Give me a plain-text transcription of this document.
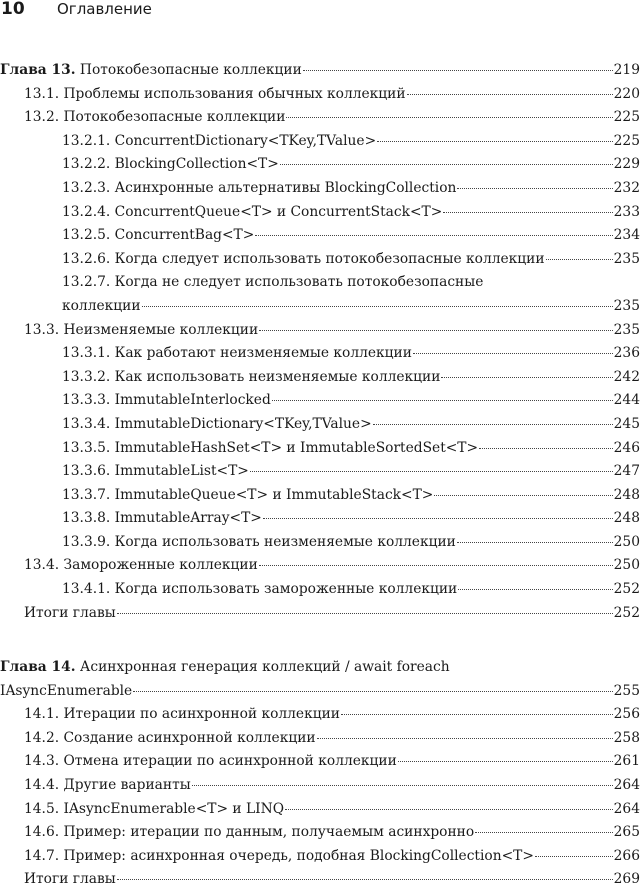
10	Оглавление
Глава 13. Потокобезопасные коллекции	219
13.1. Проблемы использования обычных коллекций	220
13.2. Потокобезопасные коллекции	225
13.2.1. ConcurrentDictionary<TKey,TValue>	225
13.2.2. BlockingCollection<T>	229
13.2.3. Асинхронные альтернативы BlockingCollection	232
13.2.4. ConcurrentQueue<T> и ConcurrentStack<T>	233
13.2.5. ConcurrentBag<T>	234
13.2.6. Когда следует использовать потокобезопасные коллекции	235
13.2.7. Когда не следует использовать потокобезопасные
коллекции	235
13.3. Неизменяемые коллекции	235
13.3.1. Как работают неизменяемые коллекции	236
13.3.2. Как использовать неизменяемые коллекции	242
13.3.3. ImmutableInterlocked	244
13.3.4. ImmutableDictionary<TKey,TValue>	245
13.3.5. ImmutableHashSet<T> и ImmutableSortedSet<T>	246
13.3.6. ImmutableList<T>	247
13.3.7. ImmutableQueue<T> и ImmutableStack<T>	248
13.3.8. ImmutableArray<T>	248
13.3.9. Когда использовать неизменяемые коллекции	250
13.4. Замороженные коллекции	250
13.4.1. Когда использовать замороженные коллекции	252
Итоги главы	252
Глава 14. Асинхронная генерация коллекций / await foreach
IAsyncEnumerable	255
14.1. Итерации по асинхронной коллекции	256
14.2. Создание асинхронной коллекции	258
14.3. Отмена итерации по асинхронной коллекции	261
14.4. Другие варианты	264
14.5. IAsyncEnumerable<T> и LINQ	264
14.6. Пример: итерации по данным, получаемым асинхронно	265
14.7. Пример: асинхронная очередь, подобная BlockingCollection<T>	266
Итоги главы	269
